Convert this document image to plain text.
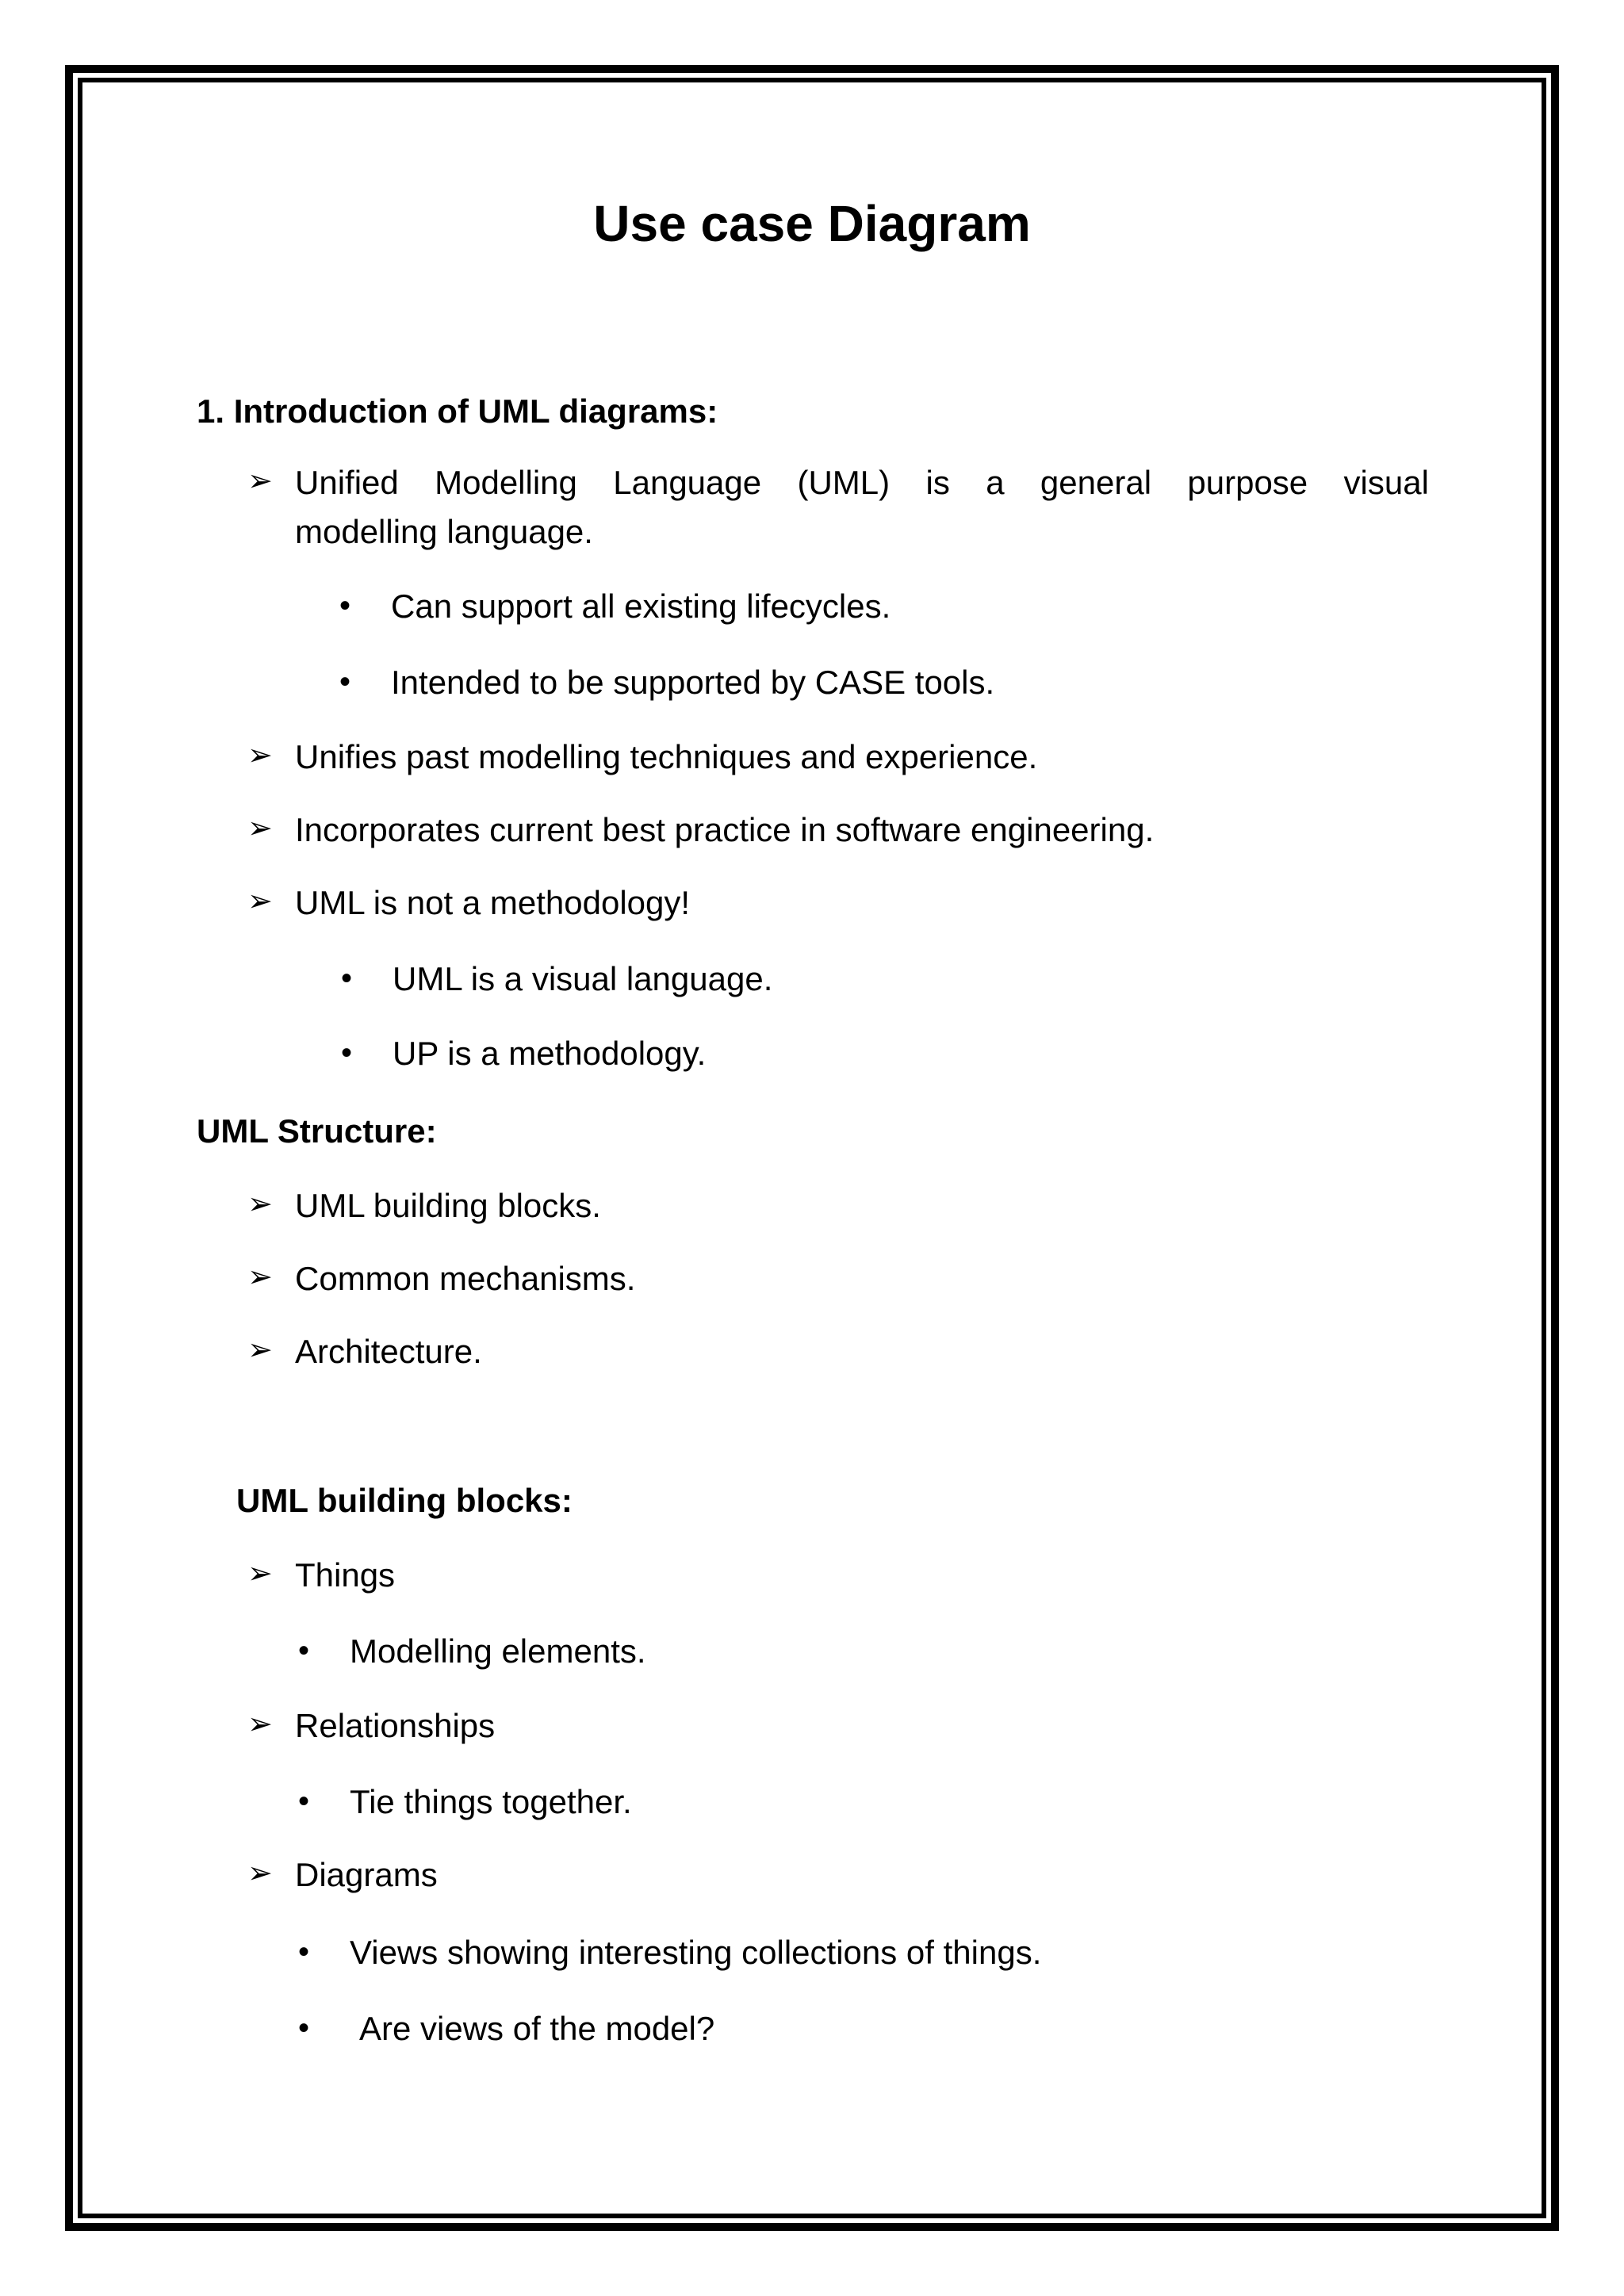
Use case Diagram
1. Introduction of UML diagrams:
➢ Unified Modelling Language (UML) is a general purpose visual
modelling language.
• Can support all existing lifecycles.
• Intended to be supported by CASE tools.
➢ Unifies past modelling techniques and experience.
➢ Incorporates current best practice in software engineering.
➢ UML is not a methodology!
• UML is a visual language.
• UP is a methodology.
UML Structure:
➢ UML building blocks.
➢ Common mechanisms.
➢ Architecture.
UML building blocks:
➢ Things
• Modelling elements.
➢ Relationships
• Tie things together.
➢ Diagrams
• Views showing interesting collections of things.
• Are views of the model?
